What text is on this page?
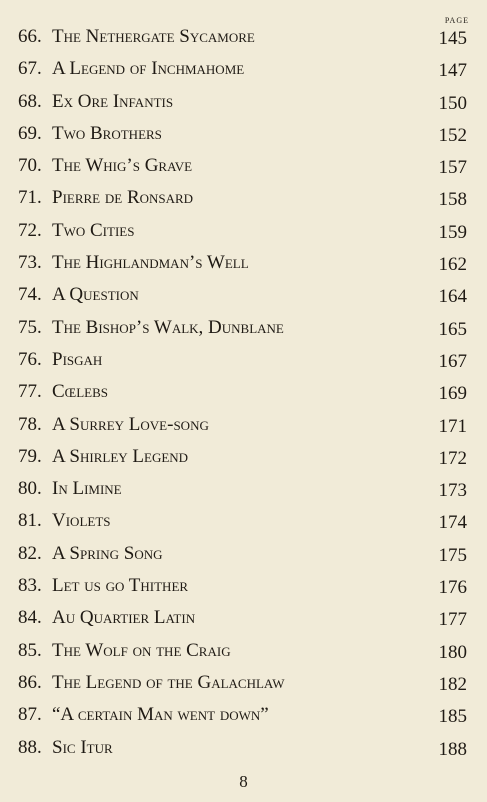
PAGE
66. The Nethergate Sycamore	145
67. A Legend of Inchmahome	147
68. Ex Ore Infantis	150
69. Two Brothers	152
70. The Whig’s Grave	157
71. Pierre de Ronsard	158
72. Two Cities	159
73. The Highlandman’s Well	162
74. A Question	164
75. The Bishop’s Walk, Dunblane	165
76. Pisgah	167
77. Cœlebs	169
78. A Surrey Love-song	171
79. A Shirley Legend	172
80. In Limine	173
81. Violets	174
82. A Spring Song	175
83. Let us go Thither	176
84. Au Quartier Latin	177
85. The Wolf on the Craig	180
86. The Legend of the Galachlaw	182
87. “A certain Man went down”	185
88. Sic Itur	188
8
